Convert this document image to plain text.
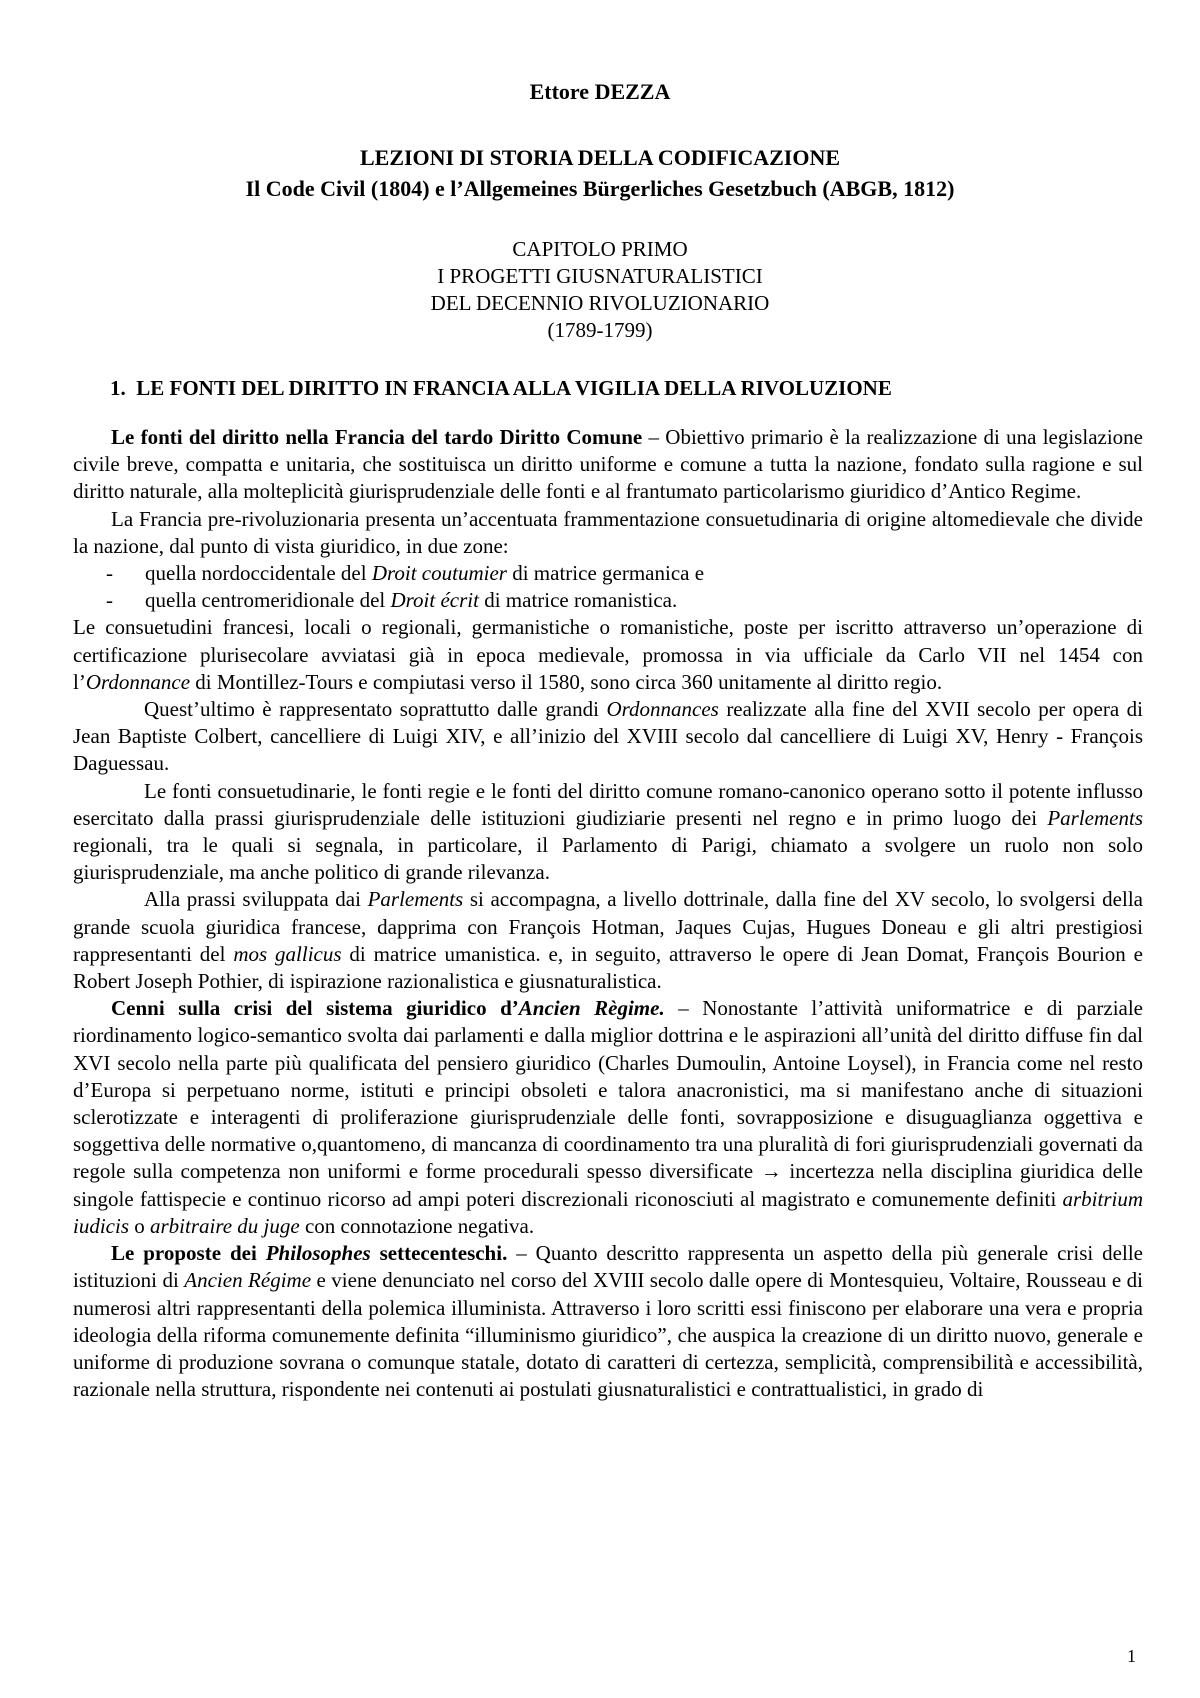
Ettore DEZZA
LEZIONI DI STORIA DELLA CODIFICAZIONE
Il Code Civil (1804) e l’Allgemeines Bürgerliches Gesetzbuch (ABGB, 1812)
CAPITOLO PRIMO
I PROGETTI GIUSNATURALISTICI
DEL DECENNIO RIVOLUZIONARIO
(1789-1799)
1. LE FONTI DEL DIRITTO IN FRANCIA ALLA VIGILIA DELLA RIVOLUZIONE

Le fonti del diritto nella Francia del tardo Diritto Comune – Obiettivo primario è la realizzazione di una legislazione civile breve, compatta e unitaria, che sostituisca un diritto uniforme e comune a tutta la nazione, fondato sulla ragione e sul diritto naturale, alla molteplicità giurisprudenziale delle fonti e al frantumato particolarismo giuridico d’Antico Regime.

La Francia pre-rivoluzionaria presenta un’accentuata frammentazione consuetudinaria di origine altomedievale che divide la nazione, dal punto di vista giuridico, in due zone:

-	quella nordoccidentale del Droit coutumier di matrice germanica e
-	quella centromeridionale del Droit écrit di matrice romanistica.

Le consuetudini francesi, locali o regionali, germanistiche o romanistiche, poste per iscritto attraverso un’operazione di certificazione plurisecolare avviatasi già in epoca medievale, promossa in via ufficiale da Carlo VII nel 1454 con l’Ordonnance di Montillez-Tours e compiutasi verso il 1580, sono circa 360 unitamente al diritto regio.

Quest’ultimo è rappresentato soprattutto dalle grandi Ordonnances realizzate alla fine del XVII secolo per opera di Jean Baptiste Colbert, cancelliere di Luigi XIV, e all’inizio del XVIII secolo dal cancelliere di Luigi XV, Henry - François Daguessau.

Le fonti consuetudinarie, le fonti regie e le fonti del diritto comune romano-canonico operano sotto il potente influsso esercitato dalla prassi giurisprudenziale delle istituzioni giudiziarie presenti nel regno e in primo luogo dei Parlements regionali, tra le quali si segnala, in particolare, il Parlamento di Parigi, chiamato a svolgere un ruolo non solo giurisprudenziale, ma anche politico di grande rilevanza.

Alla prassi sviluppata dai Parlements si accompagna, a livello dottrinale, dalla fine del XV secolo, lo svolgersi della grande scuola giuridica francese, dapprima con François Hotman, Jaques Cujas, Hugues Doneau e gli altri prestigiosi rappresentanti del mos gallicus di matrice umanistica. e, in seguito, attraverso le opere di Jean Domat, François Bourion e Robert Joseph Pothier, di ispirazione razionalistica e giusnaturalistica.

Cenni sulla crisi del sistema giuridico d’Ancien Règime. – Nonostante l’attività uniformatrice e di parziale riordinamento logico-semantico svolta dai parlamenti e dalla miglior dottrina e le aspirazioni all’unità del diritto diffuse fin dal XVI secolo nella parte più qualificata del pensiero giuridico (Charles Dumoulin, Antoine Loysel), in Francia come nel resto d’Europa si perpetuano norme, istituti e principi obsoleti e talora anacronistici, ma si manifestano anche di situazioni sclerotizzate e interagenti di proliferazione giurisprudenziale delle fonti, sovrapposizione e disuguaglianza oggettiva e soggettiva delle normative o,quantomeno, di mancanza di coordinamento tra una pluralità di fori giurisprudenziali governati da regole sulla competenza non uniformi e forme procedurali spesso diversificate → incertezza nella disciplina giuridica delle singole fattispecie e continuo ricorso ad ampi poteri discrezionali riconosciuti al magistrato e comunemente definiti arbitrium iudicis o arbitraire du juge con connotazione negativa.

Le proposte dei Philosophes settecenteschi. – Quanto descritto rappresenta un aspetto della più generale crisi delle istituzioni di Ancien Régime e viene denunciato nel corso del XVIII secolo dalle opere di Montesquieu, Voltaire, Rousseau e di numerosi altri rappresentanti della polemica illuminista. Attraverso i loro scritti essi finiscono per elaborare una vera e propria ideologia della riforma comunemente definita “illuminismo giuridico”, che auspica la creazione di un diritto nuovo, generale e uniforme di produzione sovrana o comunque statale, dotato di caratteri di certezza, semplicità, comprensibilità e accessibilità, razionale nella struttura, rispondente nei contenuti ai postulati giusnaturalistici e contrattualistici, in grado di

1
